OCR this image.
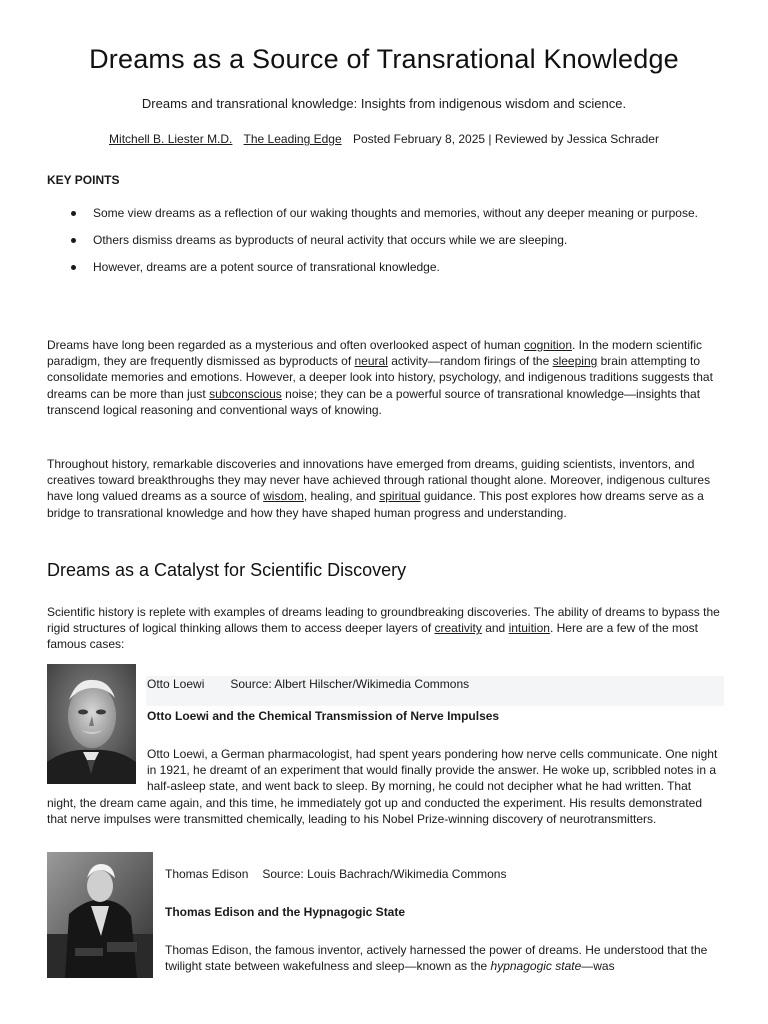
Dreams as a Source of Transrational Knowledge
Dreams and transrational knowledge: Insights from indigenous wisdom and science.
Mitchell B. Liester M.D. The Leading Edge Posted February 8, 2025 | Reviewed by Jessica Schrader
KEY POINTS
Some view dreams as a reflection of our waking thoughts and memories, without any deeper meaning or purpose.
Others dismiss dreams as byproducts of neural activity that occurs while we are sleeping.
However, dreams are a potent source of transrational knowledge.

Dreams have long been regarded as a mysterious and often overlooked aspect of human cognition. In the modern scientific paradigm, they are frequently dismissed as byproducts of neural activity—random firings of the sleeping brain attempting to consolidate memories and emotions. However, a deeper look into history, psychology, and indigenous traditions suggests that dreams can be more than just subconscious noise; they can be a powerful source of transrational knowledge—insights that transcend logical reasoning and conventional ways of knowing.

Throughout history, remarkable discoveries and innovations have emerged from dreams, guiding scientists, inventors, and creatives toward breakthroughs they may never have achieved through rational thought alone. Moreover, indigenous cultures have long valued dreams as a source of wisdom, healing, and spiritual guidance. This post explores how dreams serve as a bridge to transrational knowledge and how they have shaped human progress and understanding.

Dreams as a Catalyst for Scientific Discovery

Scientific history is replete with examples of dreams leading to groundbreaking discoveries. The ability of dreams to bypass the rigid structures of logical thinking allows them to access deeper layers of creativity and intuition. Here are a few of the most famous cases:

Otto Loewi Source: Albert Hilscher/Wikimedia Commons
Otto Loewi and the Chemical Transmission of Nerve Impulses

Otto Loewi, a German pharmacologist, had spent years pondering how nerve cells communicate. One night in 1921, he dreamt of an experiment that would finally provide the answer. He woke up, scribbled notes in a half-asleep state, and went back to sleep. By morning, he could not decipher what he had written. That night, the dream came again, and this time, he immediately got up and conducted the experiment. His results demonstrated that nerve impulses were transmitted chemically, leading to his Nobel Prize-winning discovery of neurotransmitters.

Thomas Edison Source: Louis Bachrach/Wikimedia Commons
Thomas Edison and the Hypnagogic State

Thomas Edison, the famous inventor, actively harnessed the power of dreams. He understood that the twilight state between wakefulness and sleep—known as the hypnagogic state—was
